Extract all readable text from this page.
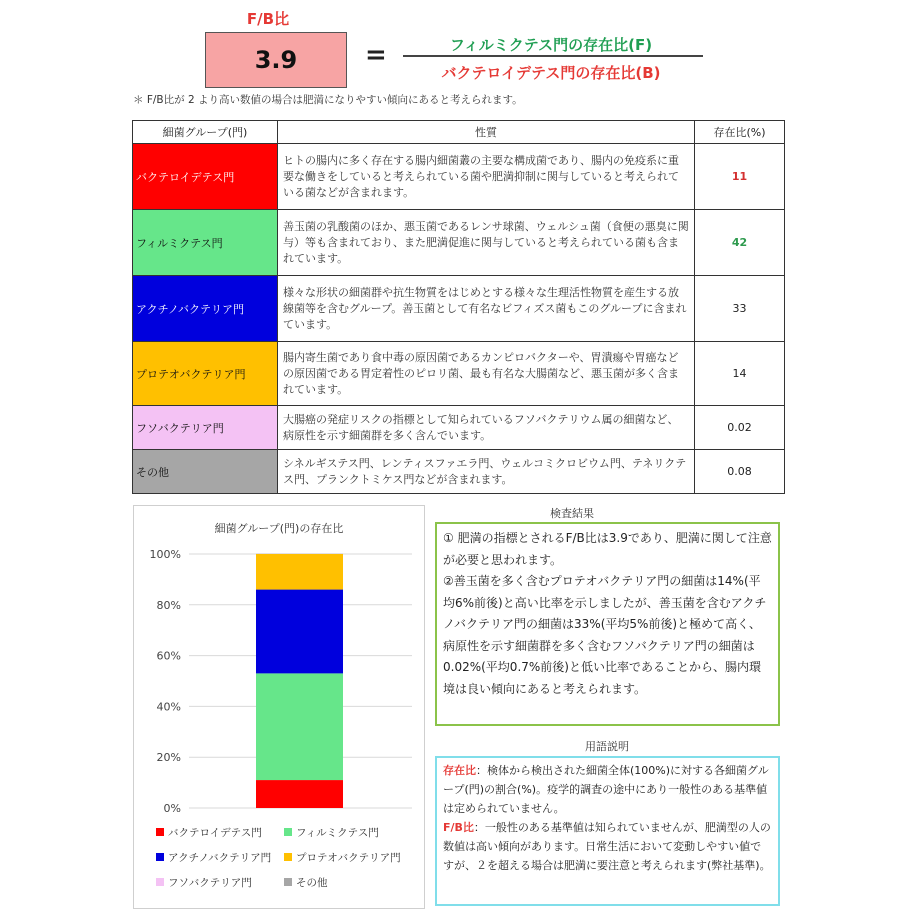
F/B比
3.9	=	フィルミクテス門の存在比(F)
バクテロイデテス門の存在比(B)
＊ F/B比が 2 より高い数値の場合は肥満になりやすい傾向にあると考えられます。
細菌グループ(門)	性質	存在比(%)
バクテロイデテス門	ヒトの腸内に多く存在する腸内細菌叢の主要な構成菌であり、腸内の免疫系に重要な働きをしていると考えられている菌や肥満抑制に関与していると考えられている菌などが含まれます。	11
フィルミクテス門	善玉菌の乳酸菌のほか、悪玉菌であるレンサ球菌、ウェルシュ菌（食便の悪臭に関与）等も含まれており、また肥満促進に関与していると考えられている菌も含まれています。	42
アクチノバクテリア門	様々な形状の細菌群や抗生物質をはじめとする様々な生理活性物質を産生する放線菌等を含むグループ。善玉菌として有名なビフィズス菌もこのグループに含まれています。	33
プロテオバクテリア門	腸内寄生菌であり食中毒の原因菌であるカンピロバクターや、胃潰瘍や胃癌などの原因菌である胃定着性のピロリ菌、最も有名な大腸菌など、悪玉菌が多く含まれています。	14
フソバクテリア門	大腸癌の発症リスクの指標として知られているフソバクテリウム属の細菌など、病原性を示す細菌群を多く含んでいます。	0.02
その他	シネルギステス門、レンティスファエラ門、ウェルコミクロビウム門、テネリクテス門、プランクトミケス門などが含まれます。	0.08
細菌グループ(門)の存在比
0%
20%
40%
60%
80%
100%
バクテロイデテス門	フィルミクテス門
アクチノバクテリア門 プロテオバクテリア門
フソバクテリア門	その他
検査結果
① 肥満の指標とされるF/B比は3.9であり、肥満に関して注意が必要と思われます。
②善玉菌を多く含むプロテオバクテリア門の細菌は14%(平均6%前後)と高い比率を示しましたが、善玉菌を含むアクチノバクテリア門の細菌は33%(平均5%前後)と極めて高く、病原性を示す細菌群を多く含むフソバクテリア門の細菌は0.02%(平均0.7%前後)と低い比率であることから、腸内環境は良い傾向にあると考えられます。
用語説明
存在比：検体から検出された細菌全体(100%)に対する各細菌グループ(門)の割合(%)。疫学的調査の途中にあり一般性のある基準値は定められていません。
F/B比：一般性のある基準値は知られていませんが、肥満型の人の数値は高い傾向があります。日常生活において変動しやすい値ですが、２を超える場合は肥満に要注意と考えられます(弊社基準)。
